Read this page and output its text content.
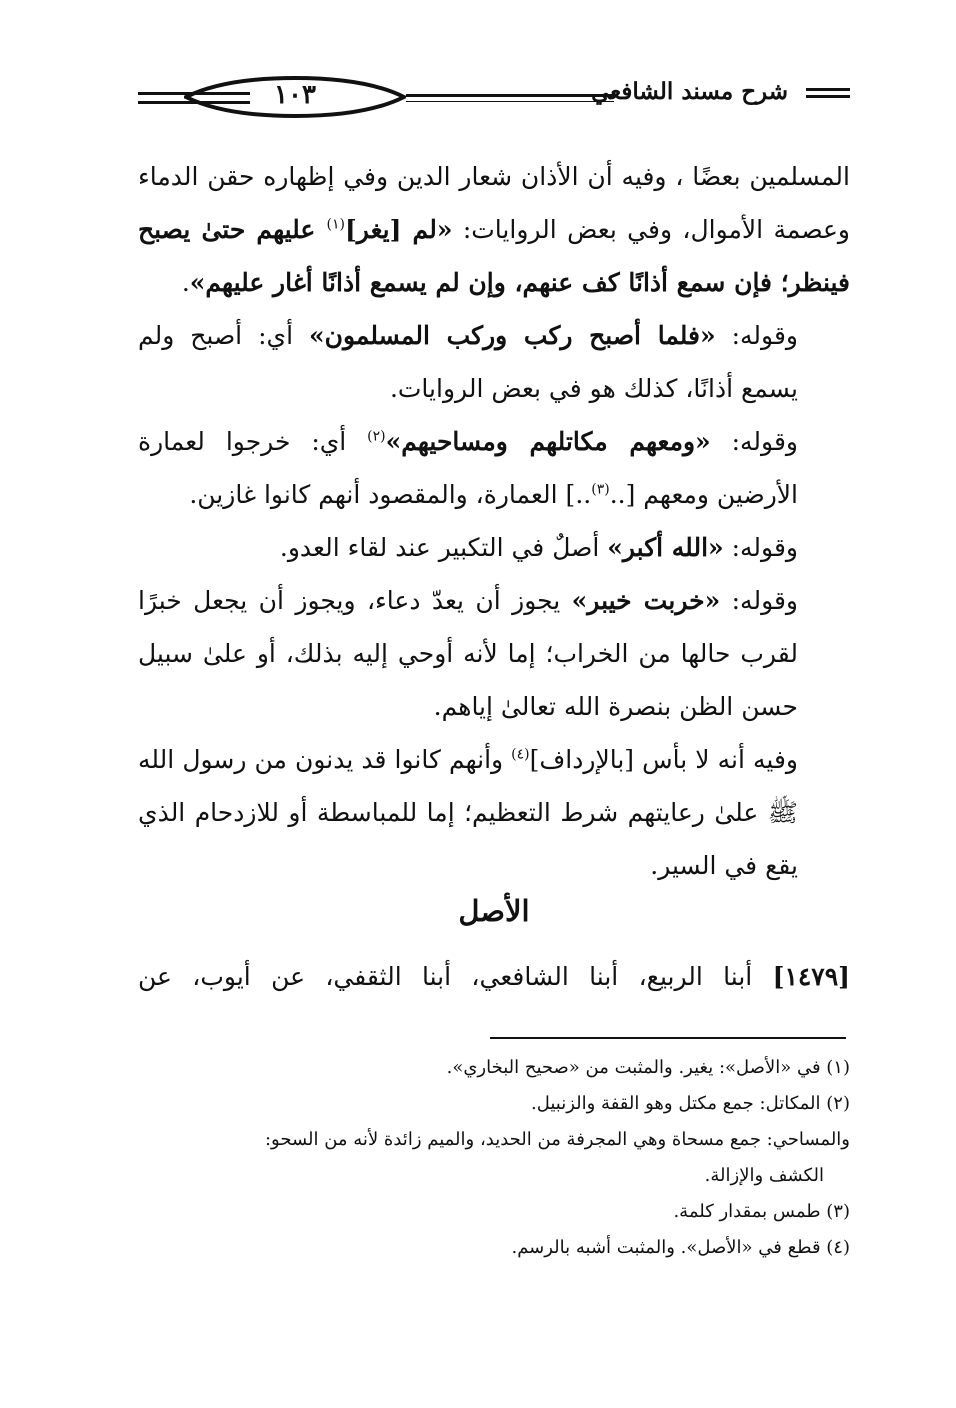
شرح مسند الشافعي
١٠٣

المسلمين بعضًا ، وفيه أن الأذان شعار الدين وفي إظهاره حقن الدماء وعصمة الأموال، وفي بعض الروايات: «لم [يغر]$^{(١)}$ عليهم حتىٰ يصبح فينظر؛ فإن سمع أذانًا كف عنهم، وإن لم يسمع أذانًا أغار عليهم».

وقوله: «فلما أصبح ركب وركب المسلمون» أي: أصبح ولم يسمع أذانًا، كذلك هو في بعض الروايات.

وقوله: «ومعهم مكاتلهم ومساحيهم»$^{(٢)}$ أي: خرجوا لعمارة الأرضين ومعهم [..$^{(٣)}$..] العمارة، والمقصود أنهم كانوا غازين.

وقوله: «الله أكبر» أصلٌ في التكبير عند لقاء العدو.

وقوله: «خربت خيبر» يجوز أن يعدّ دعاء، ويجوز أن يجعل خبرًا لقرب حالها من الخراب؛ إما لأنه أوحي إليه بذلك، أو علىٰ سبيل حسن الظن بنصرة الله تعالىٰ إياهم.

وفيه أنه لا بأس [بالإرداف]$^{(٤)}$ وأنهم كانوا قد يدنون من رسول الله ﷺ علىٰ رعايتهم شرط التعظيم؛ إما للمباسطة أو للازدحام الذي يقع في السير.

الأصل
[١٤٧٩] أبنا الربيع، أبنا الشافعي، أبنا الثقفي، عن أيوب، عن

(١) في «الأصل»: يغير. والمثبت من «صحيح البخاري».

(٢) المكاتل: جمع مكتل وهو القفة والزنبيل.

والمساحي: جمع مسحاة وهي المجرفة من الحديد، والميم زائدة لأنه من السحو:

الكشف والإزالة.

(٣) طمس بمقدار كلمة.

(٤) قطع في «الأصل». والمثبت أشبه بالرسم.
